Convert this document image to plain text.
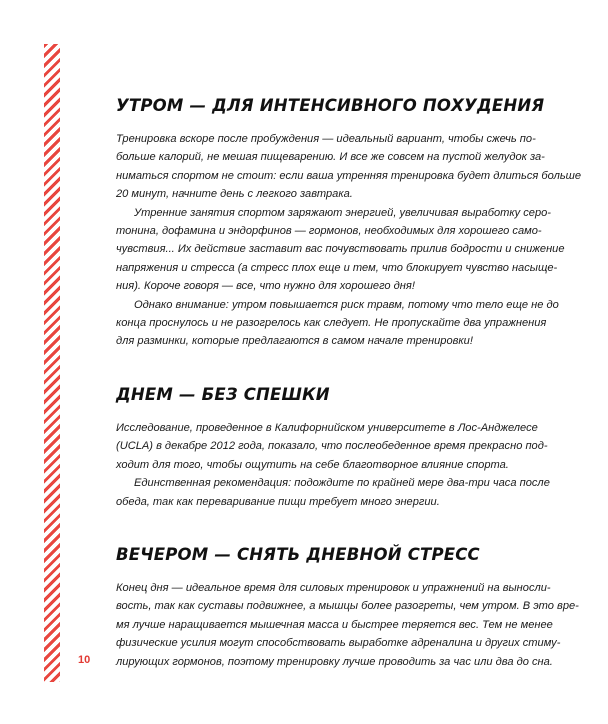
УТРОМ — ДЛЯ ИНТЕНСИВНОГО ПОХУДЕНИЯ

Тренировка вскоре после пробуждения — идеальный вариант, чтобы сжечь по-
больше калорий, не мешая пищеварению. И все же совсем на пустой желудок за-
ниматься спортом не стоит: если ваша утренняя тренировка будет длиться больше
20 минут, начните день с легкого завтрака.

Утренние занятия спортом заряжают энергией, увеличивая выработку серо-
тонина, дофамина и эндорфинов — гормонов, необходимых для хорошего само-
чувствия... Их действие заставит вас почувствовать прилив бодрости и снижение
напряжения и стресса (а стресс плох еще и тем, что блокирует чувство насыще-
ния). Короче говоря — все, что нужно для хорошего дня!

Однако внимание: утром повышается риск травм, потому что тело еще не до
конца проснулось и не разогрелось как следует. Не пропускайте два упражнения
для разминки, которые предлагаются в самом начале тренировки!

ДНЕМ — БЕЗ СПЕШКИ

Исследование, проведенное в Калифорнийском университете в Лос-Анджелесе
(UCLA) в декабре 2012 года, показало, что послеобеденное время прекрасно под-
ходит для того, чтобы ощутить на себе благотворное влияние спорта.

Единственная рекомендация: подождите по крайней мере два-три часа после
обеда, так как переваривание пищи требует много энергии.

ВЕЧЕРОМ — СНЯТЬ ДНЕВНОЙ СТРЕСС

Конец дня — идеальное время для силовых тренировок и упражнений на выносли-
вость, так как суставы подвижнее, а мышцы более разогреты, чем утром. В это вре-
мя лучше наращивается мышечная масса и быстрее теряется вес. Тем не менее
физические усилия могут способствовать выработке адреналина и других стиму-
лирующих гормонов, поэтому тренировку лучше проводить за час или два до сна.

10
